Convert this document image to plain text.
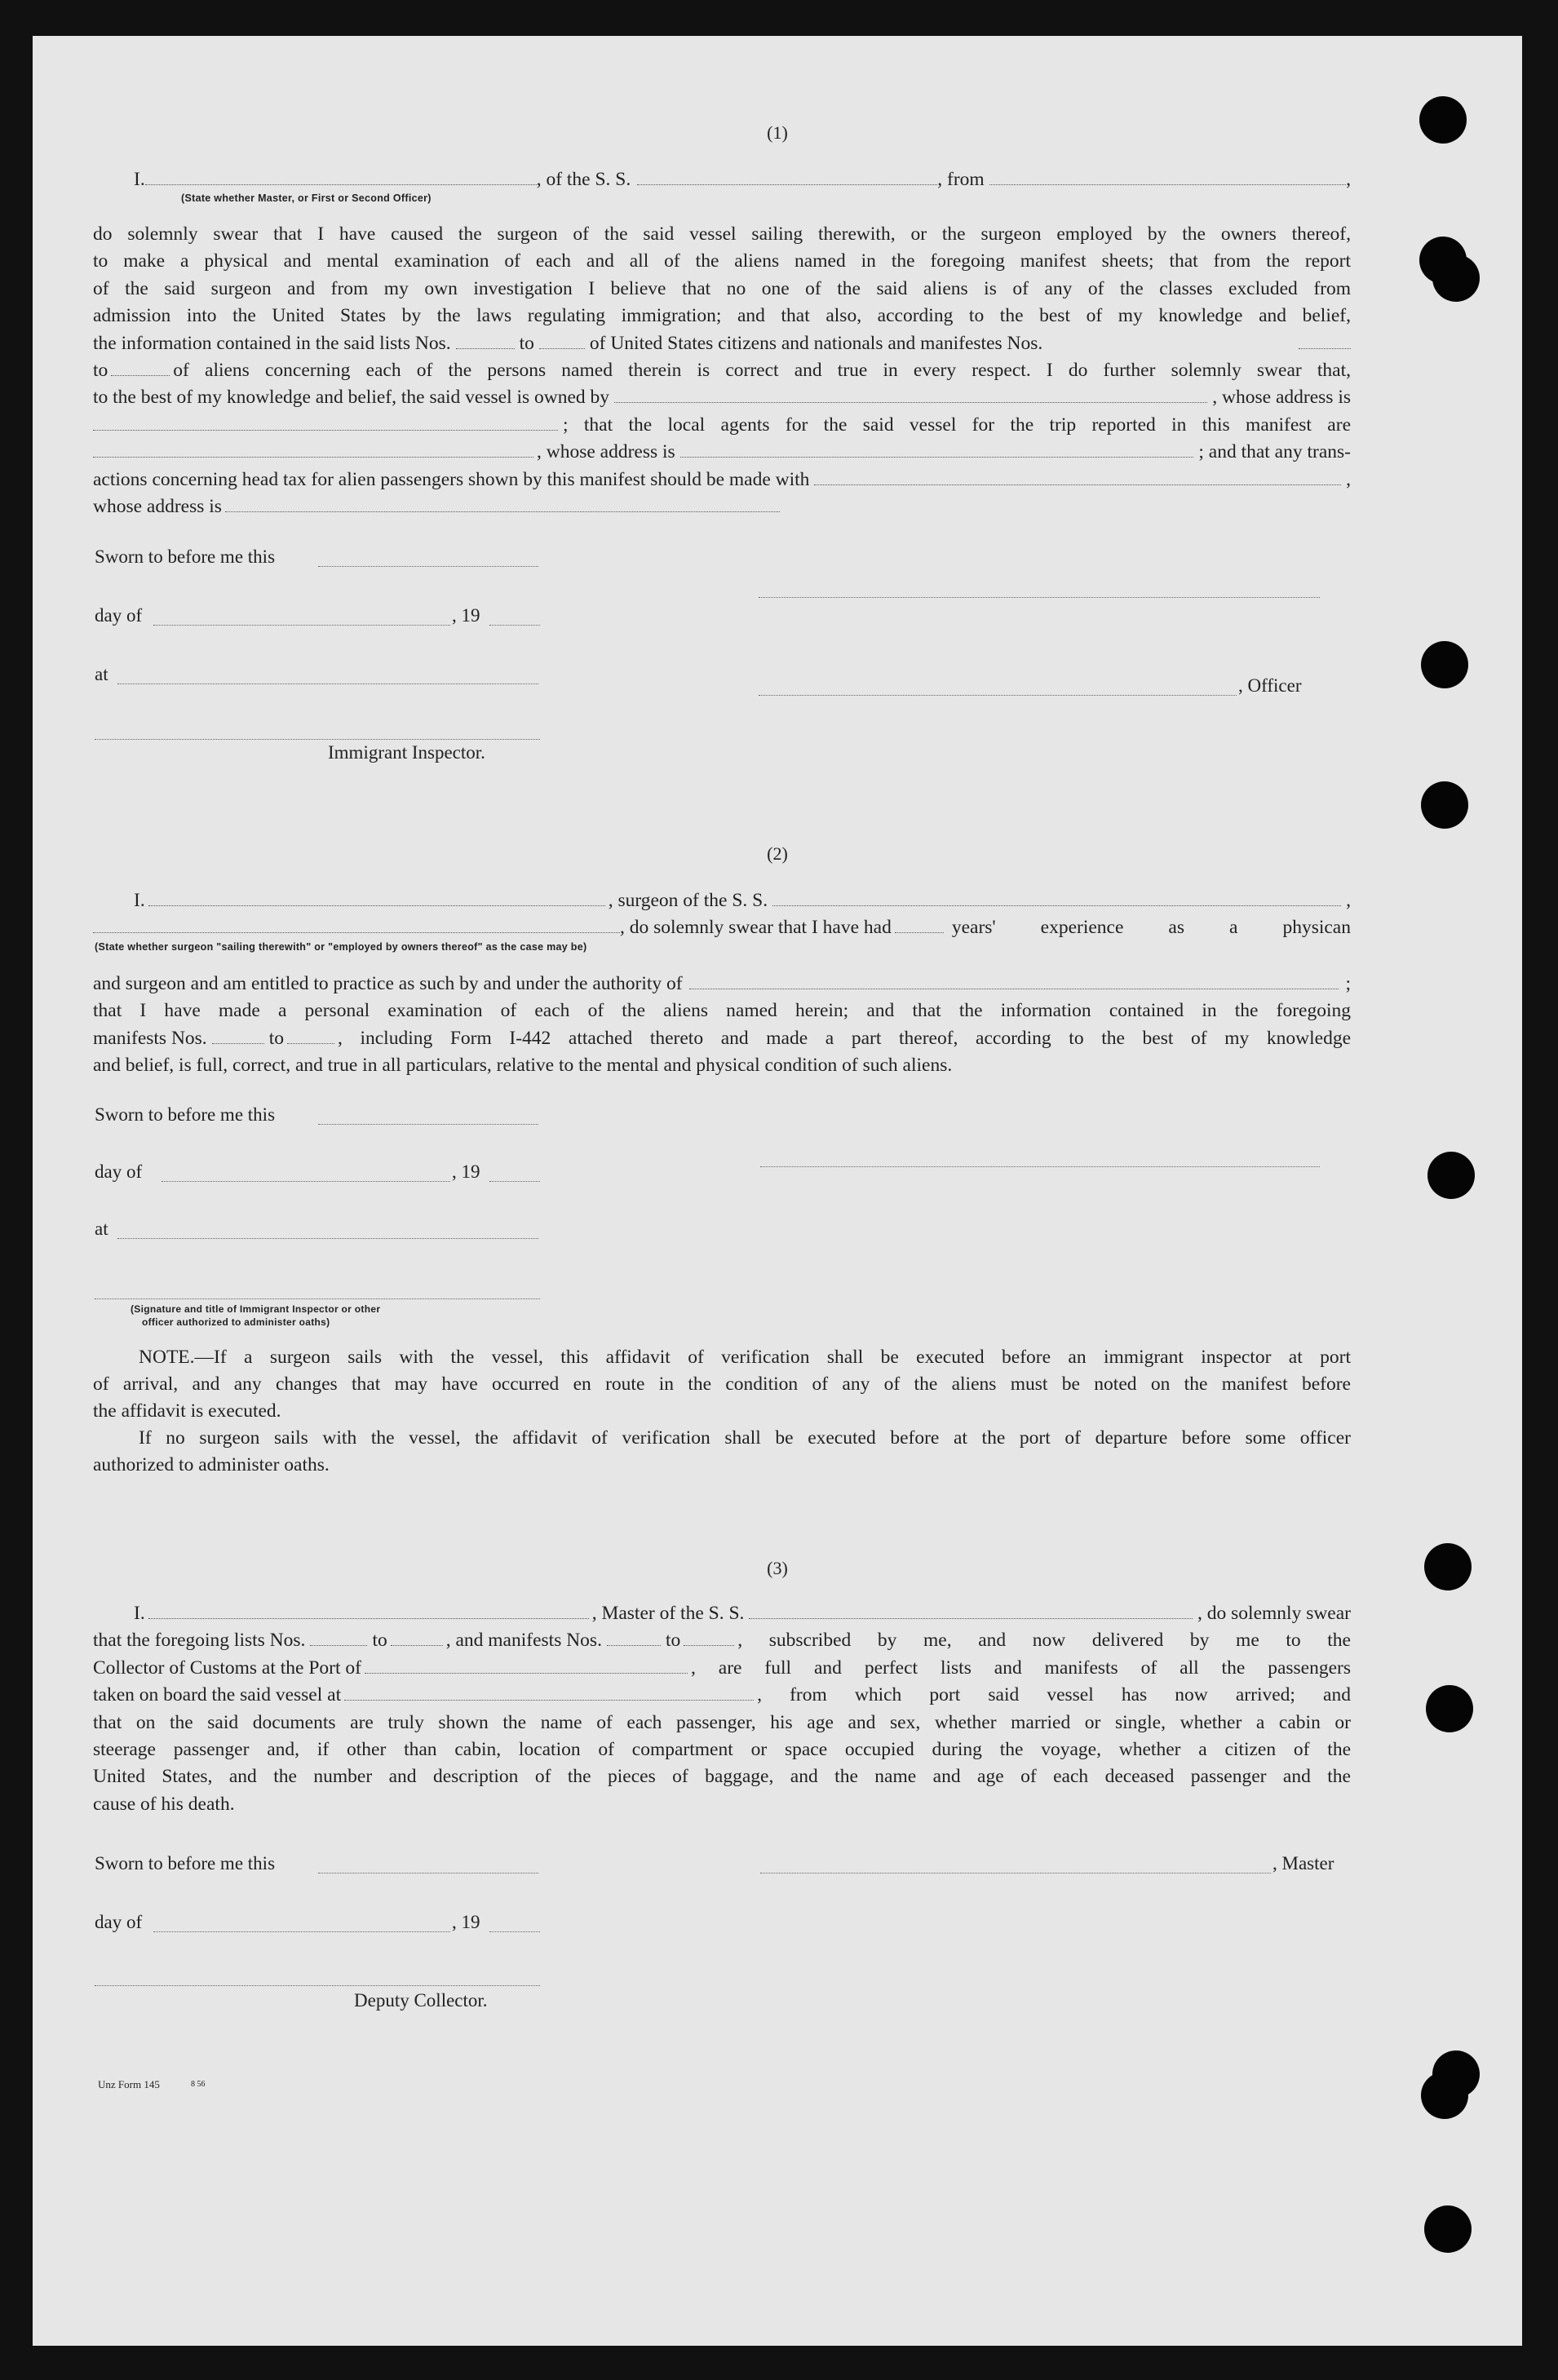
(1)
I.	, of the S. S.	, from	,
(State whether Master, or First or Second Officer)
do solemnly swear that I have caused the surgeon of the said vessel sailing therewith, or the surgeon employed by the owners thereof,
to make a physical and mental examination of each and all of the aliens named in the foregoing manifest sheets; that from the report
of the said surgeon and from my own investigation I believe that no one of the said aliens is of any of the classes excluded from
admission into the United States by the laws regulating immigration; and that also, according to the best of my knowledge and belief,
the information contained in the said lists Nos.	to	of United States citizens and nationals and manifestes Nos.
to	of aliens concerning each of the persons named therein is correct and true in every respect. I do further solemnly swear that,
to the best of my knowledge and belief, the said vessel is owned by	, whose address is
; that the local agents for the said vessel for the trip reported in this manifest are
, whose address is	; and that any trans-
actions concerning head tax for alien passengers shown by this manifest should be made with	,
whose address is
Sworn to before me this
day of	, 19
at
, Officer
Immigrant Inspector.
(2)
I.	, surgeon of the S. S.	,
, do solemnly swear that I have had	years' experience as a physican
(State whether surgeon "sailing therewith" or "employed by owners thereof" as the case may be)
and surgeon and am entitled to practice as such by and under the authority of	;
that I have made a personal examination of each of the aliens named herein; and that the information contained in the foregoing
manifests Nos.	to	, including Form I-442 attached thereto and made a part thereof, according to the best of my knowledge
and belief, is full, correct, and true in all particulars, relative to the mental and physical condition of such aliens.
Sworn to before me this
day of	, 19
at
(Signature and title of Immigrant Inspector or other
officer authorized to administer oaths)
NOTE.—If a surgeon sails with the vessel, this affidavit of verification shall be executed before an immigrant inspector at port
of arrival, and any changes that may have occurred en route in the condition of any of the aliens must be noted on the manifest before
the affidavit is executed.
If no surgeon sails with the vessel, the affidavit of verification shall be executed before at the port of departure before some officer
authorized to administer oaths.
(3)
I.	, Master of the S. S.	, do solemnly swear
that the foregoing lists Nos.	to	, and manifests Nos.	to	, subscribed by me, and now delivered by me to the
Collector of Customs at the Port of	, are full and perfect lists and manifests of all the passengers
taken on board the said vessel at	, from which port said vessel has now arrived; and
that on the said documents are truly shown the name of each passenger, his age and sex, whether married or single, whether a cabin or
steerage passenger and, if other than cabin, location of compartment or space occupied during the voyage, whether a citizen of the
United States, and the number and description of the pieces of baggage, and the name and age of each deceased passenger and the
cause of his death.
Sworn to before me this	, Master
day of	, 19
Deputy Collector.
Unz Form 145	8 56
